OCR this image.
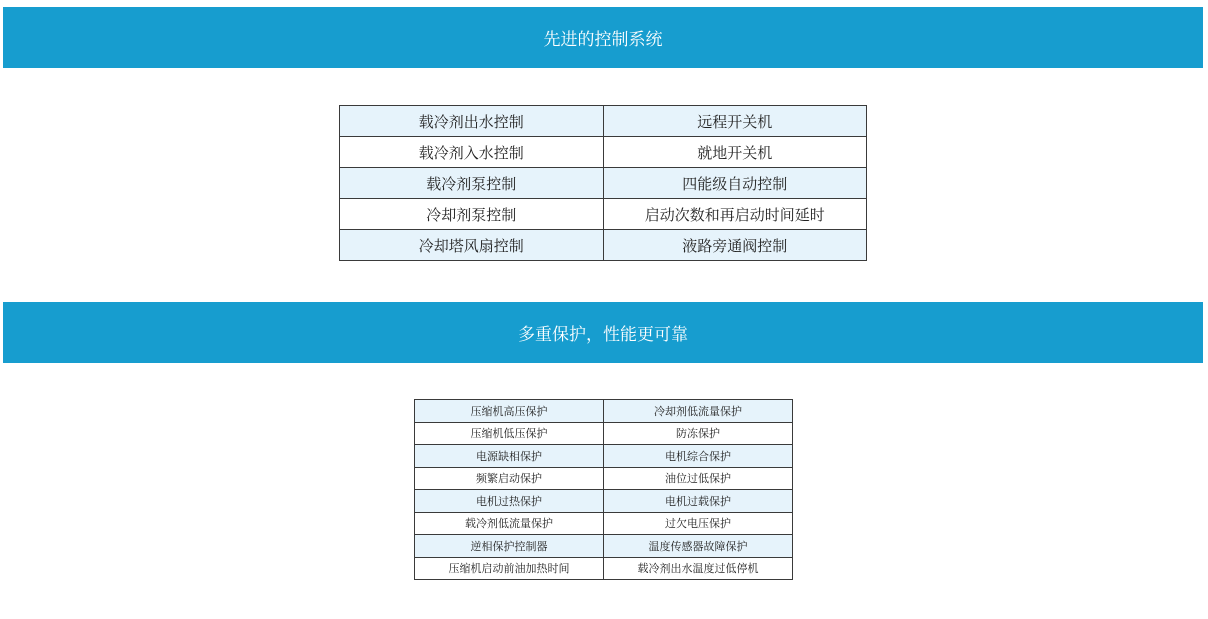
先进的控制系统
载冷剂出水控制	远程开关机
载冷剂入水控制	就地开关机
载冷剂泵控制	四能级自动控制
冷却剂泵控制	启动次数和再启动时间延时
冷却塔风扇控制	液路旁通阀控制
多重保护，性能更可靠
压缩机高压保护	冷却剂低流量保护
压缩机低压保护	防冻保护
电源缺相保护	电机综合保护
频繁启动保护	油位过低保护
电机过热保护	电机过载保护
载冷剂低流量保护	过欠电压保护
逆相保护控制器	温度传感器故障保护
压缩机启动前油加热时间	载冷剂出水温度过低停机
